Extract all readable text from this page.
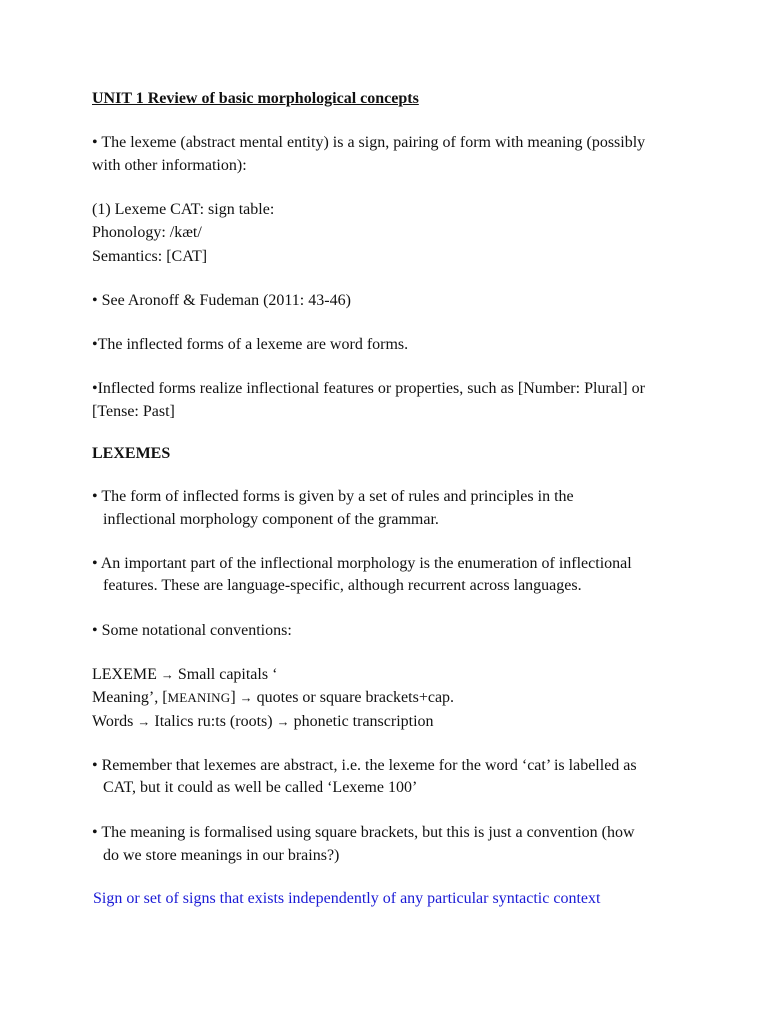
UNIT 1 Review of basic morphological concepts
• The lexeme (abstract mental entity) is a sign, pairing of form with meaning (possibly
with other information):
(1) Lexeme CAT: sign table:
Phonology: /kæt/
Semantics: [CAT]
• See Aronoff & Fudeman (2011: 43-46)
•The inflected forms of a lexeme are word forms.
•Inflected forms realize inflectional features or properties, such as [Number: Plural] or
[Tense: Past]
LEXEMES
• The form of inflected forms is given by a set of rules and principles in the
inflectional morphology component of the grammar.
• An important part of the inflectional morphology is the enumeration of inflectional
features. These are language-specific, although recurrent across languages.
• Some notational conventions:
LEXEME → Small capitals ‘
Meaning’, [MEANING] → quotes or square brackets+cap.
Words → Italics ru:ts (roots) → phonetic transcription
• Remember that lexemes are abstract, i.e. the lexeme for the word ‘cat’ is labelled as
CAT, but it could as well be called ‘Lexeme 100’
• The meaning is formalised using square brackets, but this is just a convention (how
do we store meanings in our brains?)
Sign or set of signs that exists independently of any particular syntactic context
